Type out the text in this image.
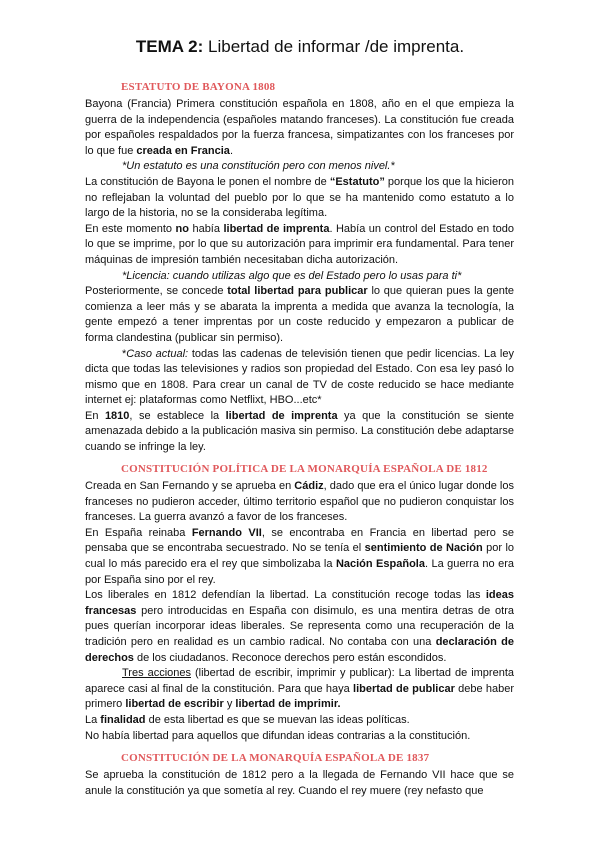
TEMA 2: Libertad de informar /de imprenta.
ESTATUTO DE BAYONA 1808

Bayona (Francia) Primera constitución española en 1808, año en el que empieza la guerra de la independencia (españoles matando franceses). La constitución fue creada por españoles respaldados por la fuerza francesa, simpatizantes con los franceses por lo que fue creada en Francia.

*Un estatuto es una constitución pero con menos nivel.*

La constitución de Bayona le ponen el nombre de “Estatuto” porque los que la hicieron no reflejaban la voluntad del pueblo por lo que se ha mantenido como estatuto a lo largo de la historia, no se la consideraba legítima.

En este momento no había libertad de imprenta. Había un control del Estado en todo lo que se imprime, por lo que su autorización para imprimir era fundamental. Para tener máquinas de impresión también necesitaban dicha autorización.

*Licencia: cuando utilizas algo que es del Estado pero lo usas para ti*

Posteriormente, se concede total libertad para publicar lo que quieran pues la gente comienza a leer más y se abarata la imprenta a medida que avanza la tecnología, la gente empezó a tener imprentas por un coste reducido y empezaron a publicar de forma clandestina (publicar sin permiso).

*Caso actual: todas las cadenas de televisión tienen que pedir licencias. La ley dicta que todas las televisiones y radios son propiedad del Estado. Con esa ley pasó lo mismo que en 1808. Para crear un canal de TV de coste reducido se hace mediante internet ej: plataformas como Netflixt, HBO...etc*

En 1810, se establece la libertad de imprenta ya que la constitución se siente amenazada debido a la publicación masiva sin permiso. La constitución debe adaptarse cuando se infringe la ley.

CONSTITUCIÓN POLÍTICA DE LA MONARQUÍA ESPAÑOLA DE 1812

Creada en San Fernando y se aprueba en Cádiz, dado que era el único lugar donde los franceses no pudieron acceder, último territorio español que no pudieron conquistar los franceses. La guerra avanzó a favor de los franceses.

En España reinaba Fernando VII, se encontraba en Francia en libertad pero se pensaba que se encontraba secuestrado. No se tenía el sentimiento de Nación por lo cual lo más parecido era el rey que simbolizaba la Nación Española. La guerra no era por España sino por el rey.

Los liberales en 1812 defendían la libertad. La constitución recoge todas las ideas francesas pero introducidas en España con disimulo, es una mentira detras de otra pues querían incorporar ideas liberales. Se representa como una recuperación de la tradición pero en realidad es un cambio radical. No contaba con una declaración de derechos de los ciudadanos. Reconoce derechos pero están escondidos.

Tres acciones (libertad de escribir, imprimir y publicar): La libertad de imprenta aparece casi al final de la constitución. Para que haya libertad de publicar debe haber primero libertad de escribir y libertad de imprimir.

La finalidad de esta libertad es que se muevan las ideas políticas.

No había libertad para aquellos que difundan ideas contrarias a la constitución.

CONSTITUCIÓN DE LA MONARQUÍA ESPAÑOLA DE 1837

Se aprueba la constitución de 1812 pero a la llegada de Fernando VII hace que se anule la constitución ya que sometía al rey. Cuando el rey muere (rey nefasto que
